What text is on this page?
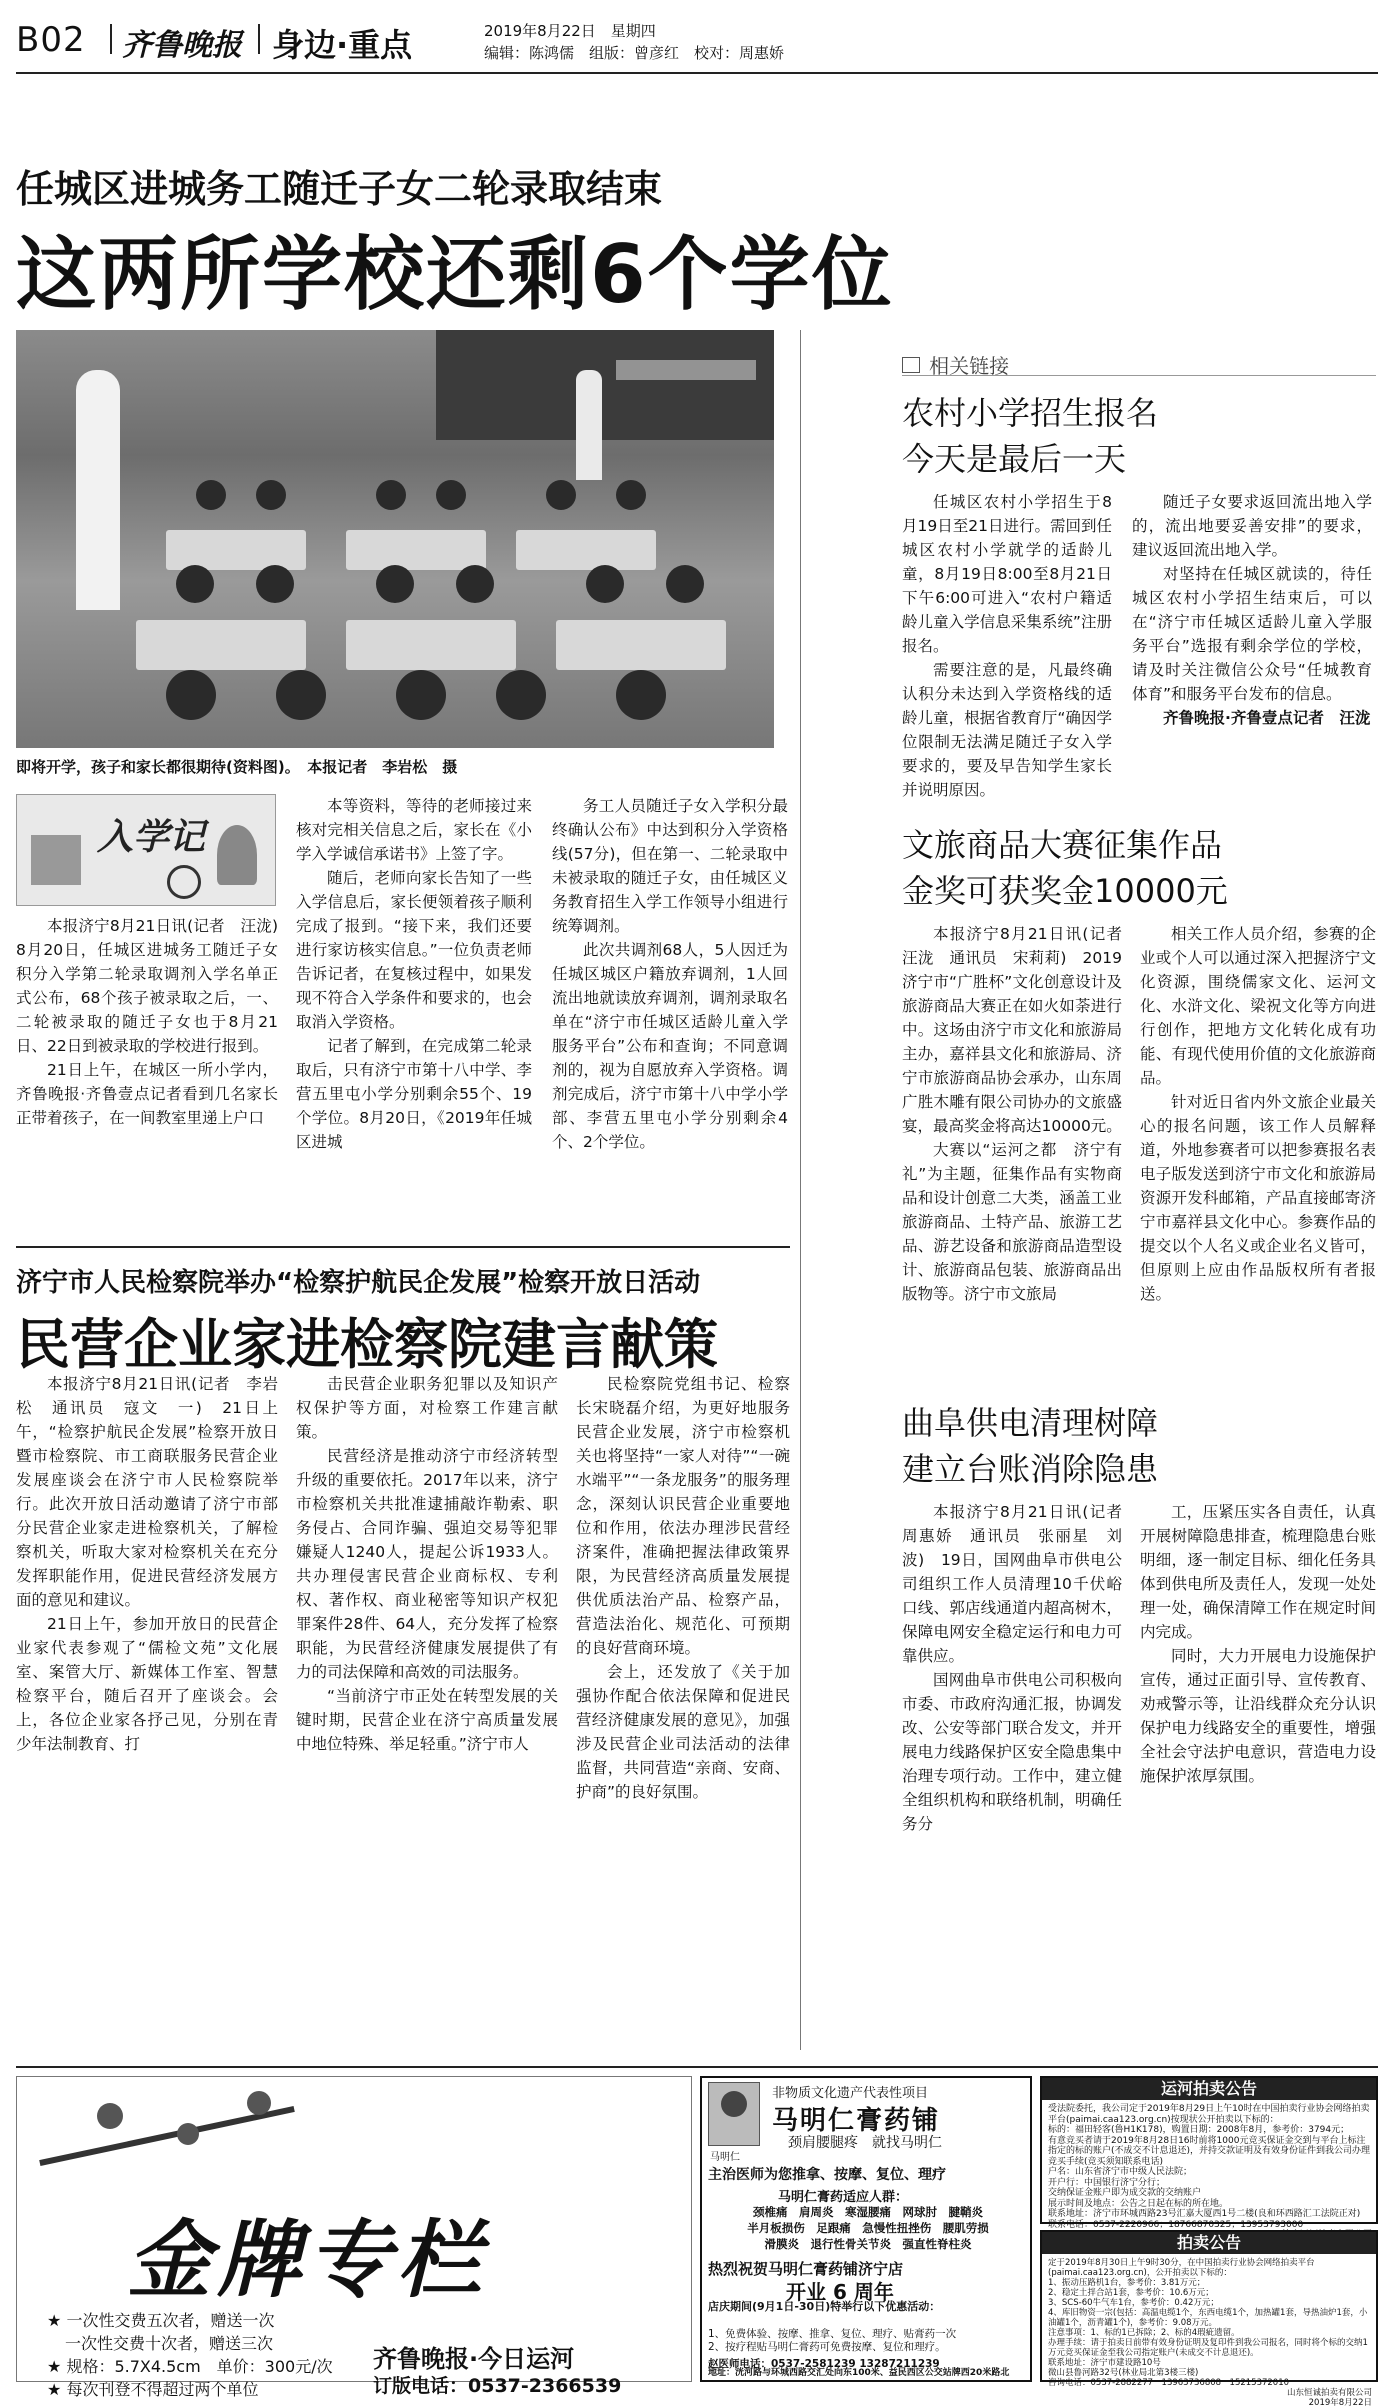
B02 齐鲁晚报 身边·重点	2019年8月22日　星期四
编辑：陈鸿儒　组版：曾彦红　校对：周惠娇
任城区进城务工随迁子女二轮录取结束
这两所学校还剩6个学位
即将开学，孩子和家长都很期待(资料图)。　本报记者　李岩松　摄
入学记

本报济宁8月21日讯(记者　汪泷)　8月20日，任城区进城务工随迁子女积分入学第二轮录取调剂入学名单正式公布，68个孩子被录取之后，一、二轮被录取的随迁子女也于8月21日、22日到被录取的学校进行报到。

21日上午，在城区一所小学内，齐鲁晚报·齐鲁壹点记者看到几名家长正带着孩子，在一间教室里递上户口

本等资料，等待的老师接过来核对完相关信息之后，家长在《小学入学诚信承诺书》上签了字。

随后，老师向家长告知了一些入学信息后，家长便领着孩子顺利完成了报到。“接下来，我们还要进行家访核实信息。”一位负责老师告诉记者，在复核过程中，如果发现不符合入学条件和要求的，也会取消入学资格。

记者了解到，在完成第二轮录取后，只有济宁市第十八中学、李营五里屯小学分别剩余55个、19个学位。8月20日，《2019年任城区进城

务工人员随迁子女入学积分最终确认公布》中达到积分入学资格线(57分)，但在第一、二轮录取中未被录取的随迁子女，由任城区义务教育招生入学工作领导小组进行统筹调剂。

此次共调剂68人，5人因迁为任城区城区户籍放弃调剂，1人回流出地就读放弃调剂，调剂录取名单在“济宁市任城区适龄儿童入学服务平台”公布和查询；不同意调剂的，视为自愿放弃入学资格。调剂完成后，济宁市第十八中学小学部、李营五里屯小学分别剩余4个、2个学位。

相关链接
农村小学招生报名
今天是最后一天

任城区农村小学招生于8月19日至21日进行。需回到任城区农村小学就学的适龄儿童，8月19日8:00至8月21日下午6:00可进入“农村户籍适龄儿童入学信息采集系统”注册报名。

需要注意的是，凡最终确认积分未达到入学资格线的适龄儿童，根据省教育厅“确因学位限制无法满足随迁子女入学要求的，要及早告知学生家长并说明原因。

随迁子女要求返回流出地入学的，流出地要妥善安排”的要求，建议返回流出地入学。

对坚持在任城区就读的，待任城区农村小学招生结束后，可以在“济宁市任城区适龄儿童入学服务平台”选报有剩余学位的学校，请及时关注微信公众号“任城教育体育”和服务平台发布的信息。

齐鲁晚报·齐鲁壹点记者　汪泷

文旅商品大赛征集作品
金奖可获奖金10000元

本报济宁8月21日讯(记者　汪泷　通讯员　宋莉莉)　2019济宁市“广胜杯”文化创意设计及旅游商品大赛正在如火如荼进行中。这场由济宁市文化和旅游局主办，嘉祥县文化和旅游局、济宁市旅游商品协会承办，山东周广胜木雕有限公司协办的文旅盛宴，最高奖金将高达10000元。

大赛以“运河之都　济宁有礼”为主题，征集作品有实物商品和设计创意二大类，涵盖工业旅游商品、土特产品、旅游工艺品、游艺设备和旅游商品造型设计、旅游商品包装、旅游商品出版物等。济宁市文旅局

相关工作人员介绍，参赛的企业或个人可以通过深入把握济宁文化资源，围绕儒家文化、运河文化、水浒文化、梁祝文化等方向进行创作，把地方文化转化成有功能、有现代使用价值的文化旅游商品。

针对近日省内外文旅企业最关心的报名问题，该工作人员解释道，外地参赛者可以把参赛报名表电子版发送到济宁市文化和旅游局资源开发科邮箱，产品直接邮寄济宁市嘉祥县文化中心。参赛作品的提交以个人名义或企业名义皆可，但原则上应由作品版权所有者报送。

曲阜供电清理树障
建立台账消除隐患

本报济宁8月21日讯(记者　周惠娇　通讯员　张丽星　刘波)　19日，国网曲阜市供电公司组织工作人员清理10千伏峪口线、郭店线通道内超高树木，保障电网安全稳定运行和电力可靠供应。

国网曲阜市供电公司积极向市委、市政府沟通汇报，协调发改、公安等部门联合发文，并开展电力线路保护区安全隐患集中治理专项行动。工作中，建立健全组织机构和联络机制，明确任务分

工，压紧压实各自责任，认真开展树障隐患排查，梳理隐患台账明细，逐一制定目标、细化任务具体到供电所及责任人，发现一处处理一处，确保清障工作在规定时间内完成。

同时，大力开展电力设施保护宣传，通过正面引导、宣传教育、劝戒警示等，让沿线群众充分认识保护电力线路安全的重要性，增强全社会守法护电意识，营造电力设施保护浓厚氛围。

济宁市人民检察院举办“检察护航民企发展”检察开放日活动
民营企业家进检察院建言献策

本报济宁8月21日讯(记者　李岩松　通讯员　寇文　一)　21日上午，“检察护航民企发展”检察开放日暨市检察院、市工商联服务民营企业发展座谈会在济宁市人民检察院举行。此次开放日活动邀请了济宁市部分民营企业家走进检察机关，了解检察机关，听取大家对检察机关在充分发挥职能作用，促进民营经济发展方面的意见和建议。

21日上午，参加开放日的民营企业家代表参观了“儒检文苑”文化展室、案管大厅、新媒体工作室、智慧检察平台，随后召开了座谈会。会上，各位企业家各抒己见，分别在青少年法制教育、打

击民营企业职务犯罪以及知识产权保护等方面，对检察工作建言献策。

民营经济是推动济宁市经济转型升级的重要依托。2017年以来，济宁市检察机关共批准逮捕敲诈勒索、职务侵占、合同诈骗、强迫交易等犯罪嫌疑人1240人，提起公诉1933人。共办理侵害民营企业商标权、专利权、著作权、商业秘密等知识产权犯罪案件28件、64人，充分发挥了检察职能，为民营经济健康发展提供了有力的司法保障和高效的司法服务。

“当前济宁市正处在转型发展的关键时期，民营企业在济宁高质量发展中地位特殊、举足轻重。”济宁市人

民检察院党组书记、检察长宋晓磊介绍，为更好地服务民营企业发展，济宁市检察机关也将坚持“一家人对待”“一碗水端平”“一条龙服务”的服务理念，深刻认识民营企业重要地位和作用，依法办理涉民营经济案件，准确把握法律政策界限，为民营经济高质量发展提供优质法治产品、检察产品，营造法治化、规范化、可预期的良好营商环境。

会上，还发放了《关于加强协作配合依法保障和促进民营经济健康发展的意见》，加强涉及民营企业司法活动的法律监督，共同营造“亲商、安商、护商”的良好氛围。

金牌专栏
★ 一次性交费五次者，赠送一次
一次性交费十次者，赠送三次
★ 规格：5.7X4.5cm　单价：300元/次
★ 每次刊登不得超过两个单位
齐鲁晚报·今日运河
订版电话：0537-2366539
非物质文化遗产代表性项目
马明仁
马明仁膏药铺
颈肩腰腿疼　就找马明仁
主治医师为您推拿、按摩、复位、理疗
马明仁膏药适应人群：
颈椎痛　肩周炎　寒湿腰痛　网球肘　腱鞘炎
半月板损伤　足跟痛　急慢性扭挫伤　腰肌劳损
滑膜炎　退行性骨关节炎　强直性脊柱炎
热烈祝贺马明仁膏药铺济宁店
开业 6 周年
店庆期间(9月1日-30日)特举行以下优惠活动：
1、免费体验、按摩、推拿、复位、理疗、贴膏药一次
2、按疗程贴马明仁膏药可免费按摩、复位和理疗。
赵医师电话：0537-2581239 13287211239
地址：洸河路与环城西路交汇处向东100米、益民西区公交站牌西20米路北
运河拍卖公告
受法院委托，我公司定于2019年8月29日上午10时在中国拍卖行业协会网络拍卖平台(paimai.caa123.org.cn)按现状公开拍卖以下标的：
标的：福田轻客(鲁H1K178)，购置日期：2008年8月，参考价：3794元；
有意竞买者请于2019年8月28日16时前将1000元竞买保证金交到与平台上标注指定的标的账户(不成交不计息退还)，并持交款证明及有效身份证件到我公司办理竞买手续(竞买须知联系电话)
户名：山东省济宁市中级人民法院；
开户行：中国银行济宁分行；
交纳保证金账户即为成交款的交纳账户
展示时间及地点：公告之日起在标的所在地。
联系地址：济宁市环城西路23号汇嘉大厦西1号二楼(良和环西路汇工法院正对)
联系电话：0537-2220966；18766870325；13953793000
拍卖公告
定于2019年8月30日上午9时30分，在中国拍卖行业协会网络拍卖平台(paimai.caa123.org.cn)，公开拍卖以下标的：
1、振动压路机1台，参考价：3.81万元；
2、稳定土拌合站1套，参考价：10.6万元；
3、SCS-60牛气车1台，参考价：0.42万元；
4、库旧物资一宗(包括：高温电缆1个，东西电缆1个，加热罐1套，导热油炉1套，小油罐1个，沥青罐1个)，参考价：9.08万元。
注意事项：1、标的1已拆除；2、标的4瑕疵遗留。
办理手续：请于拍卖日前带有效身份证明及复印件到我公司报名，同时将个标的交纳1万元竞买保证金至我公司指定账户(未成交不计息退还)。
联系地址：济宁市建设路10号
微山县鲁河路32号(林业局北第3楼三楼)
咨询电话：0537-2882277　13963736808　15215372010
山东恒诚拍卖有限公司
2019年8月22日
